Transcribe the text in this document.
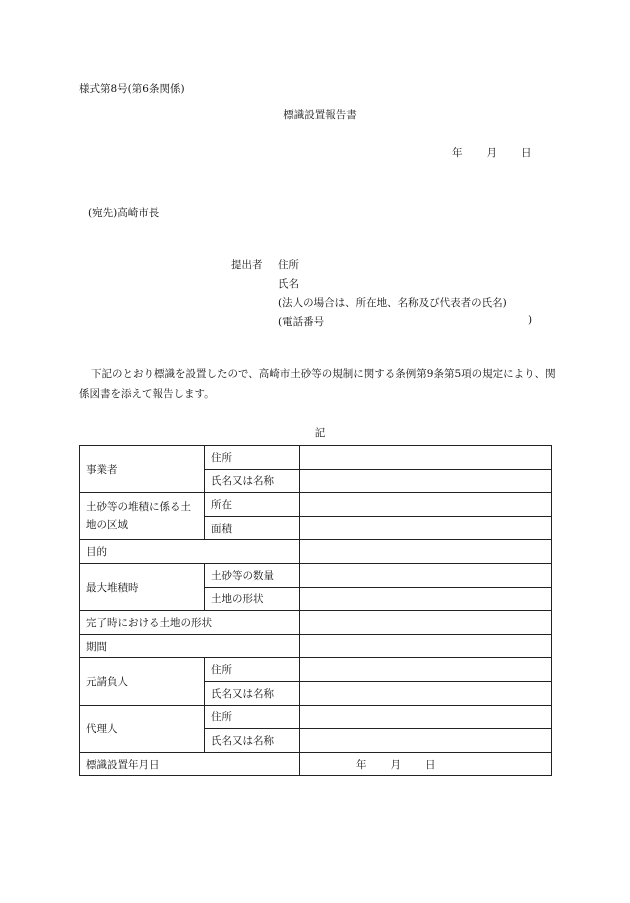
様式第8号(第6条関係)
標識設置報告書
年 月 日
(宛先)高崎市長
提出者 住所
氏名
(法人の場合は、所在地、名称及び代表者の氏名)
(電話番号	)
下記のとおり標識を設置したので、高崎市土砂等の規制に関する条例第9条第5項の規定により、関係図書を添えて報告します。
記
事業者	住所	
	氏名又は名称	
土砂等の堆積に係る土地の区域	所在	
	面積	
目的		
最大堆積時	土砂等の数量	
	土地の形状	
完了時における土地の形状		
期間		
元請負人	住所	
	氏名又は名称	
代理人	住所	
	氏名又は名称	
標識設置年月日		年 月 日
